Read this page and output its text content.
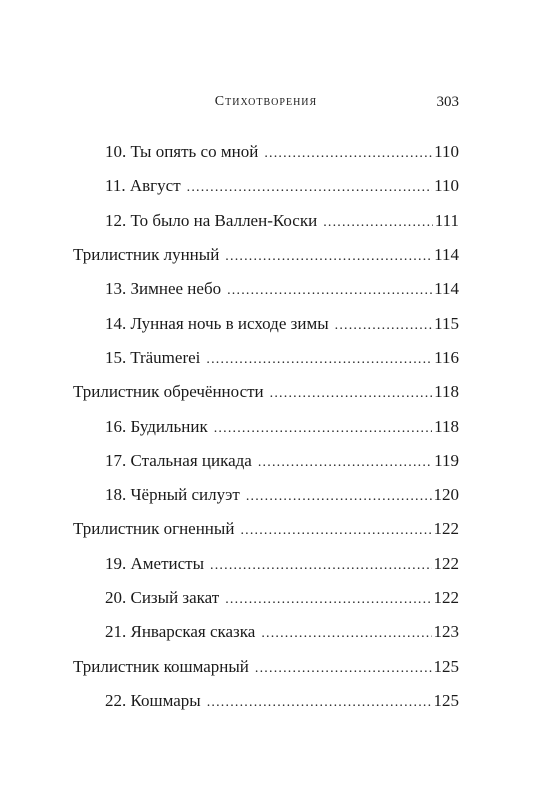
Стихотворения	303
10. Ты опять со мной .....	110
11. Август .....	110
12. То было на Валлен-Коски .....	111
Трилистник лунный .....	114
13. Зимнее небо .....	114
14. Лунная ночь в исходе зимы .....	115
15. Träumerei .....	116
Трилистник обречённости .....	118
16. Будильник .....	118
17. Стальная цикада .....	119
18. Чёрный силуэт .....	120
Трилистник огненный .....	122
19. Аметисты .....	122
20. Сизый закат .....	122
21. Январская сказка .....	123
Трилистник кошмарный .....	125
22. Кошмары .....	125
